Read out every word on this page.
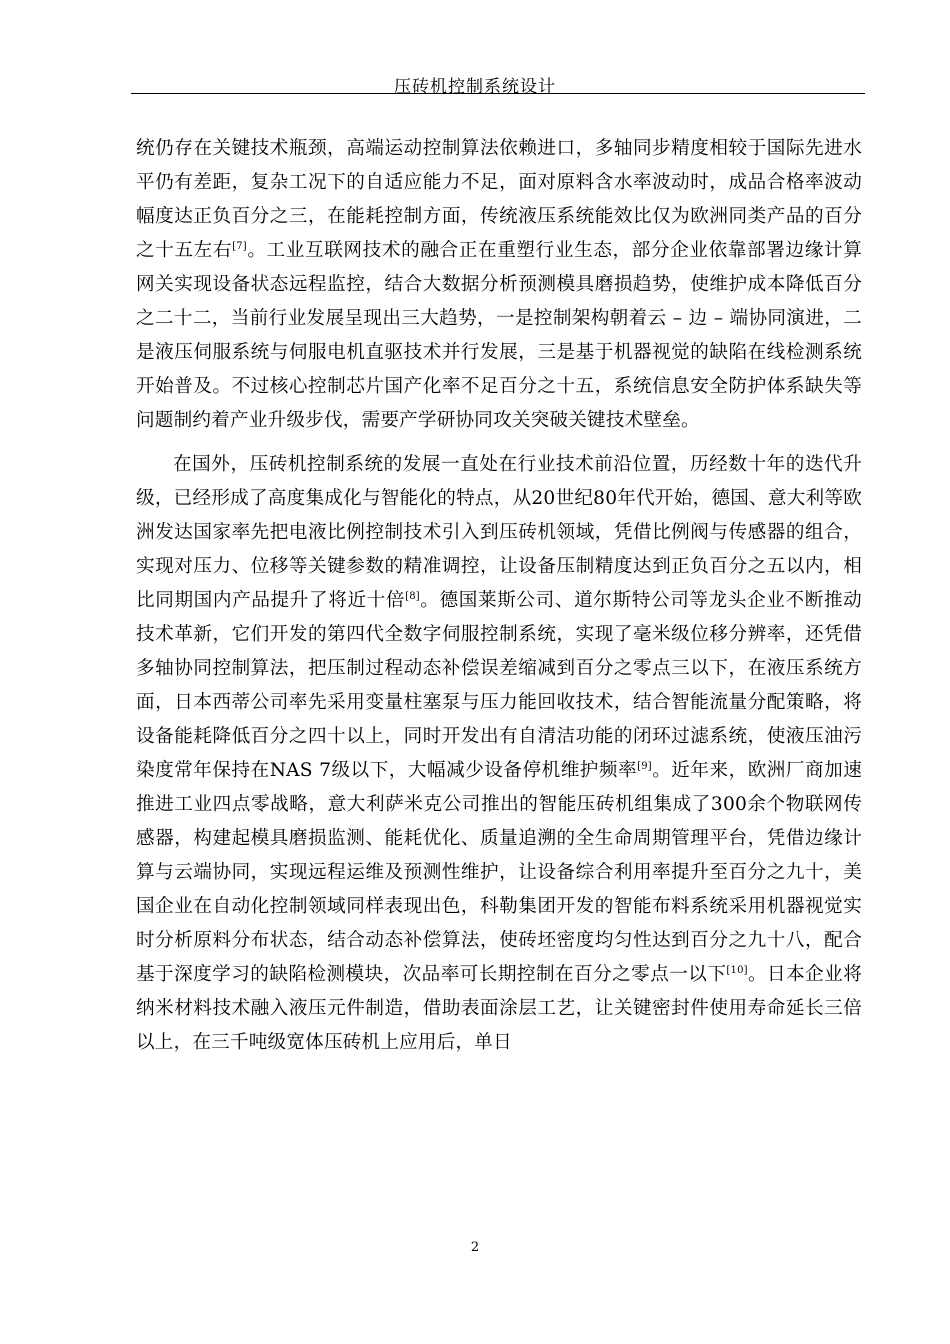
压砖机控制系统设计

统仍存在关键技术瓶颈，高端运动控制算法依赖进口，多轴同步精度相较于国际先进水平仍有差距，复杂工况下的自适应能力不足，面对原料含水率波动时，成品合格率波动幅度达正负百分之三，在能耗控制方面，传统液压系统能效比仅为欧洲同类产品的百分之十五左右[7]。工业互联网技术的融合正在重塑行业生态，部分企业依靠部署边缘计算网关实现设备状态远程监控，结合大数据分析预测模具磨损趋势，使维护成本降低百分之二十二，当前行业发展呈现出三大趋势，一是控制架构朝着云 – 边 – 端协同演进，二是液压伺服系统与伺服电机直驱技术并行发展，三是基于机器视觉的缺陷在线检测系统开始普及。不过核心控制芯片国产化率不足百分之十五，系统信息安全防护体系缺失等问题制约着产业升级步伐，需要产学研协同攻关突破关键技术壁垒。

在国外，压砖机控制系统的发展一直处在行业技术前沿位置，历经数十年的迭代升级，已经形成了高度集成化与智能化的特点，从20世纪80年代开始，德国、意大利等欧洲发达国家率先把电液比例控制技术引入到压砖机领域，凭借比例阀与传感器的组合，实现对压力、位移等关键参数的精准调控，让设备压制精度达到正负百分之五以内，相比同期国内产品提升了将近十倍[8]。德国莱斯公司、道尔斯特公司等龙头企业不断推动技术革新，它们开发的第四代全数字伺服控制系统，实现了毫米级位移分辨率，还凭借多轴协同控制算法，把压制过程动态补偿误差缩减到百分之零点三以下，在液压系统方面，日本西蒂公司率先采用变量柱塞泵与压力能回收技术，结合智能流量分配策略，将设备能耗降低百分之四十以上，同时开发出有自清洁功能的闭环过滤系统，使液压油污染度常年保持在NAS 7级以下，大幅减少设备停机维护频率[9]。近年来，欧洲厂商加速推进工业四点零战略，意大利萨米克公司推出的智能压砖机组集成了300余个物联网传感器，构建起模具磨损监测、能耗优化、质量追溯的全生命周期管理平台，凭借边缘计算与云端协同，实现远程运维及预测性维护，让设备综合利用率提升至百分之九十，美国企业在自动化控制领域同样表现出色，科勒集团开发的智能布料系统采用机器视觉实时分析原料分布状态，结合动态补偿算法，使砖坯密度均匀性达到百分之九十八，配合基于深度学习的缺陷检测模块，次品率可长期控制在百分之零点一以下[10]。日本企业将纳米材料技术融入液压元件制造，借助表面涂层工艺，让关键密封件使用寿命延长三倍以上，在三千吨级宽体压砖机上应用后，单日

2
